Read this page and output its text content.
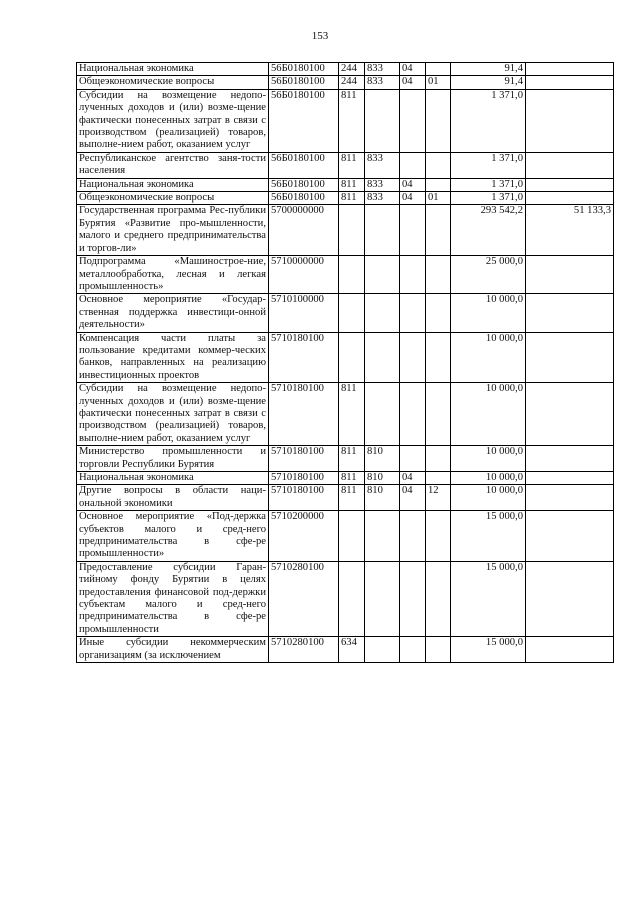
153
Национальная экономика	56Б0180100	244	833	04		91,4	
Общеэкономические вопросы	56Б0180100	244	833	04	01	91,4	
Субсидии на возмещение недопо-лученных доходов и (или) возме-щение фактически понесенных затрат в связи с производством (реализацией) товаров, выполне-нием работ, оказанием услуг	56Б0180100	811				1 371,0	
Республиканское агентство заня-тости населения	56Б0180100	811	833			1 371,0	
Национальная экономика	56Б0180100	811	833	04		1 371,0	
Общеэкономические вопросы	56Б0180100	811	833	04	01	1 371,0	
Государственная программа Рес-публики Бурятия «Развитие про-мышленности, малого и среднего предпринимательства и торгов-ли»	5700000000					293 542,2	51 133,3
Подпрограмма «Машинострое-ние, металлообработка, лесная и легкая промышленность»	5710000000					25 000,0	
Основное мероприятие «Государ-ственная поддержка инвестици-онной деятельности»	5710100000					10 000,0	
Компенсация части платы за пользование кредитами коммер-ческих банков, направленных на реализацию инвестиционных проектов	5710180100					10 000,0	
Субсидии на возмещение недопо-лученных доходов и (или) возме-щение фактически понесенных затрат в связи с производством (реализацией) товаров, выполне-нием работ, оказанием услуг	5710180100	811				10 000,0	
Министерство промышленности и торговли Республики Бурятия	5710180100	811	810			10 000,0	
Национальная экономика	5710180100	811	810	04		10 000,0	
Другие вопросы в области наци-ональной экономики	5710180100	811	810	04	12	10 000,0	
Основное мероприятие «Под-держка субъектов малого и сред-него предпринимательства в сфе-ре промышленности»	5710200000					15 000,0	
Предоставление субсидии Гаран-тийному фонду Бурятии в целях предоставления финансовой под-держки субъектам малого и сред-него предпринимательства в сфе-ре промышленности	5710280100					15 000,0	
Иные субсидии некоммерческим организациям (за исключением	5710280100	634				15 000,0	
